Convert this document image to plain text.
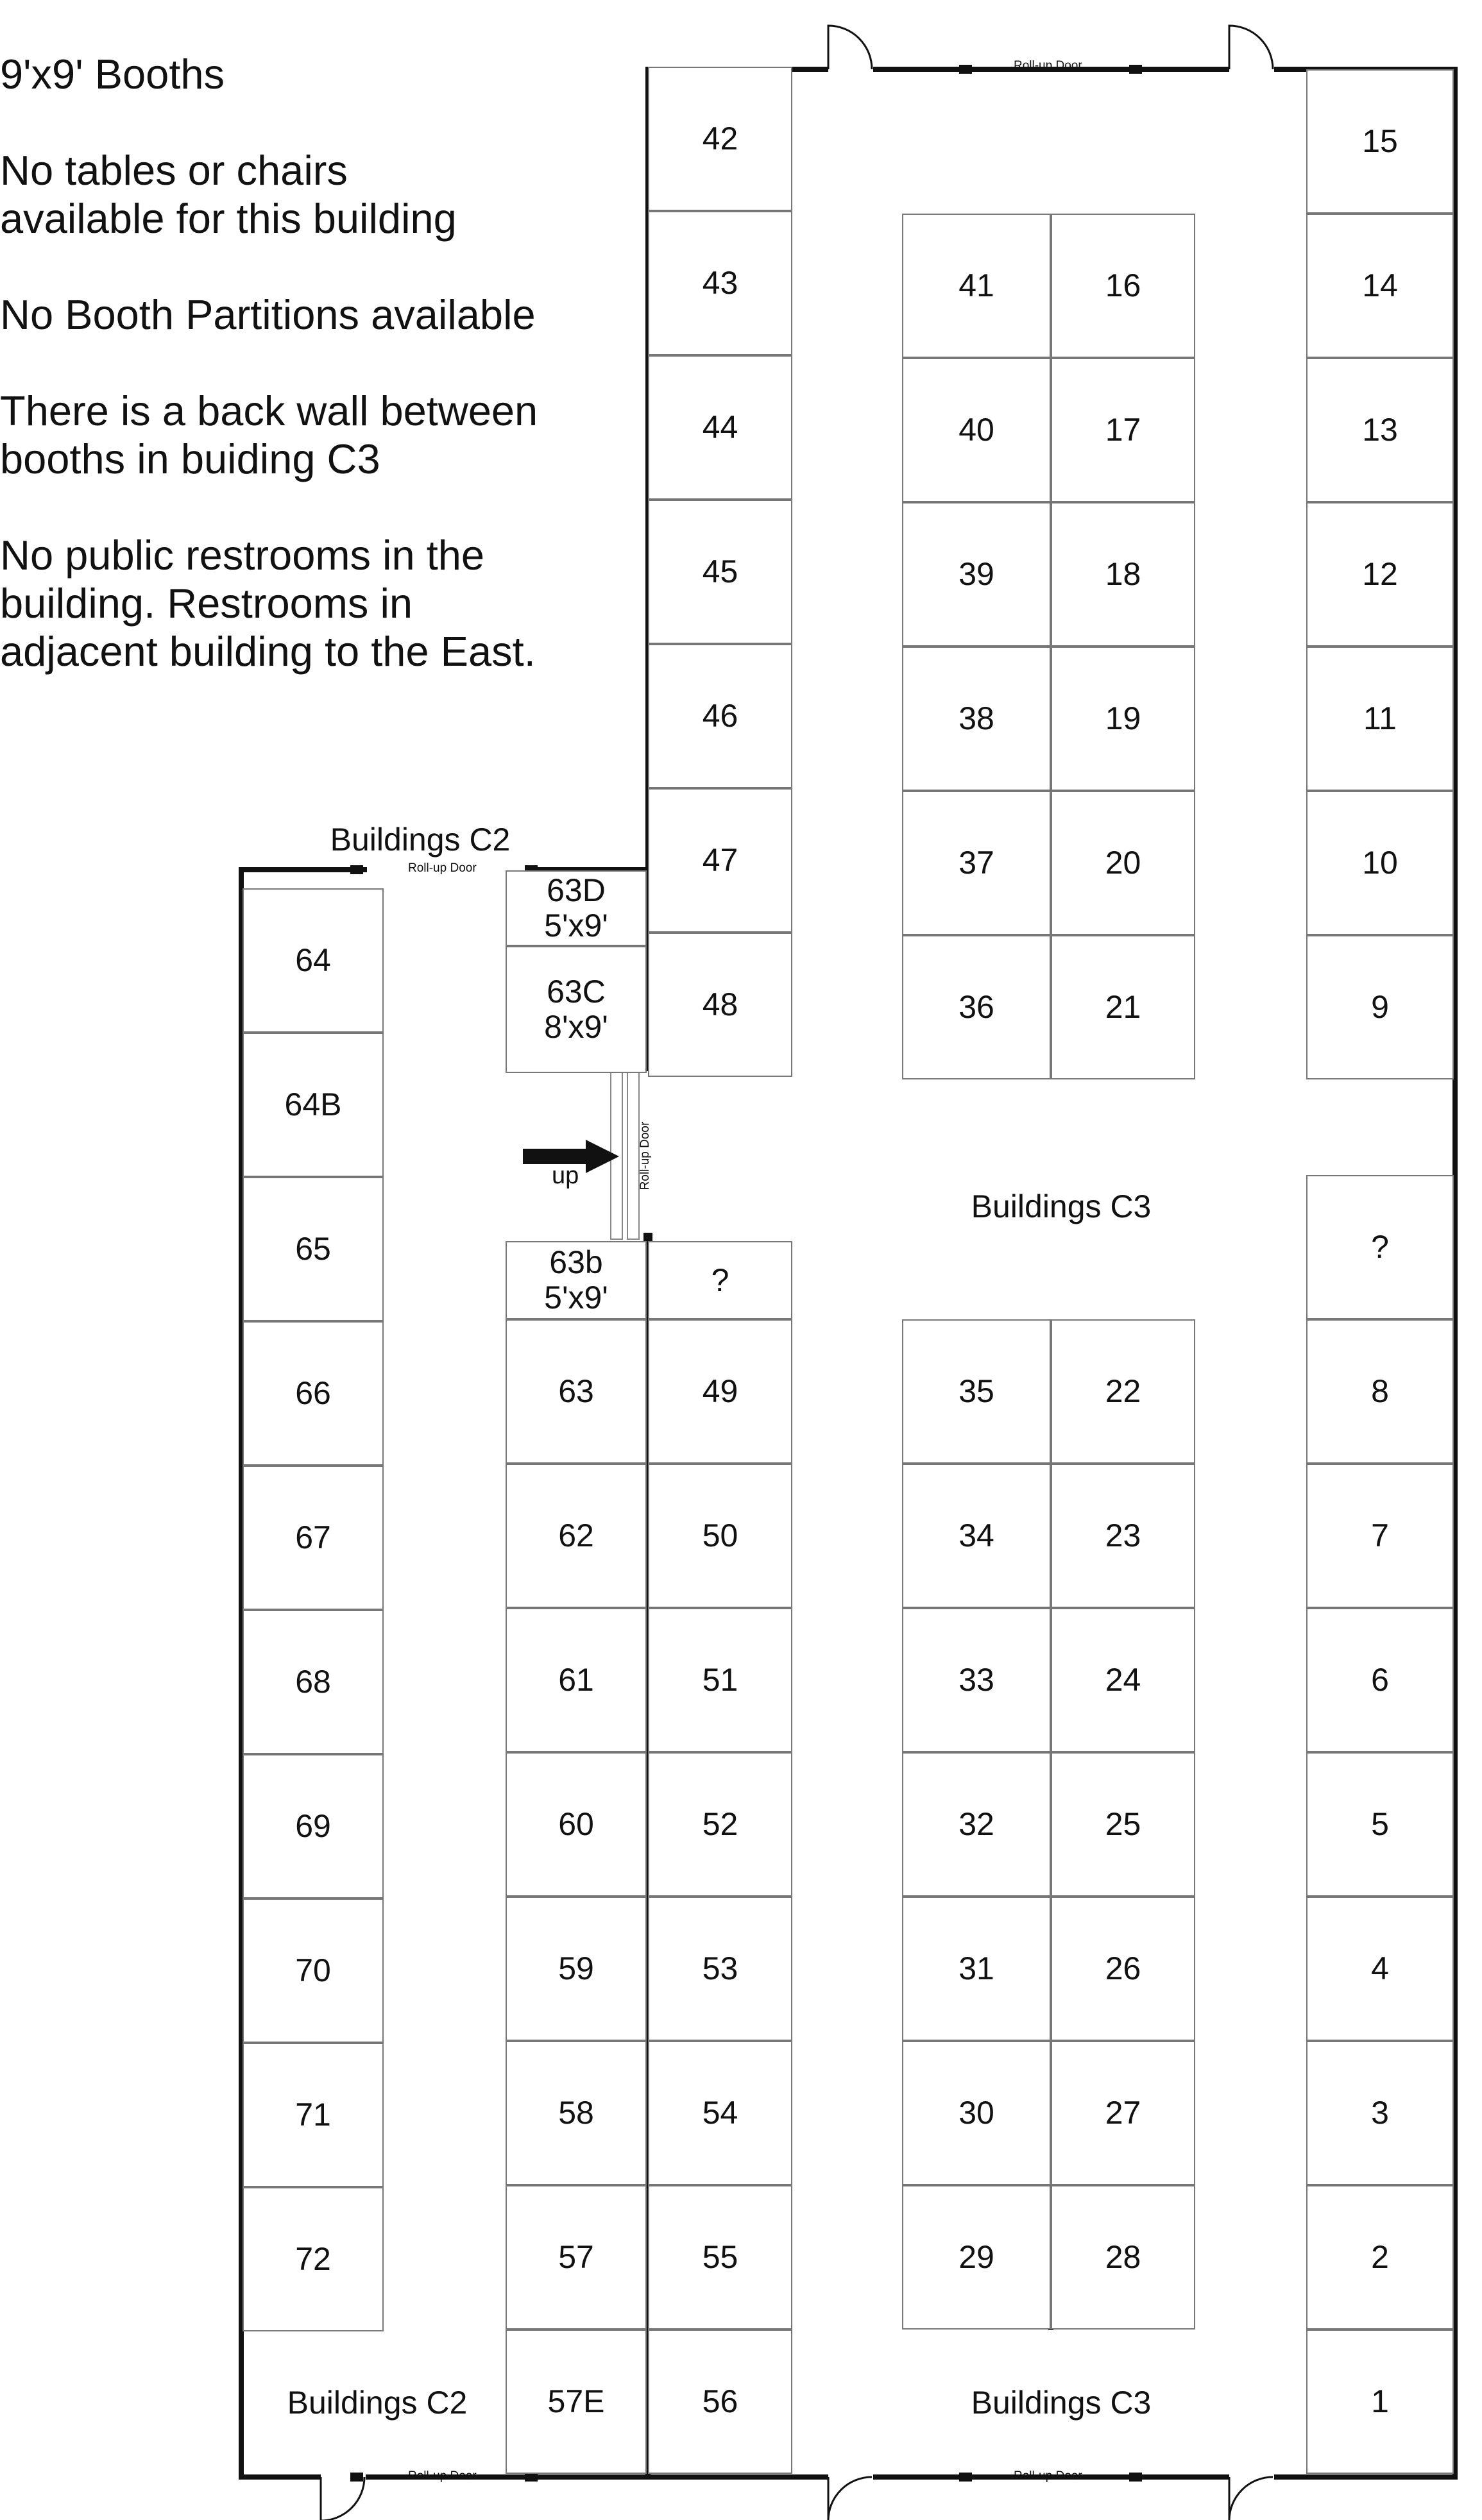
9'x9' Booths

No tables or chairs
available for this building

No Booth Partitions available

There is a back wall between
booths in buiding C3

No public restrooms in the
building. Restrooms in
adjacent building to the East.

Roll-up Door
Roll-up Door
Roll-up Door
Roll-up Door	Roll-up Door
up
Buildings C2
Buildings C2
Buildings C3
Buildings C3
64
64B
65
66
67
68
69
70
71
72
63D
5'x9'
63C
8'x9'
63b
5'x9'
63
62
61
60
59
58
57
57E
42
43
44
45
46
47
48
?
49
50
51
52
53
54
55
56
41
40
39
38
37
36
16
17
18
19
20
21
35
34
33
32
31
30
29
22
23
24
25
26
27
28
15
14
13
12
11
10
9
?
8
7
6
5
4
3
2
1
